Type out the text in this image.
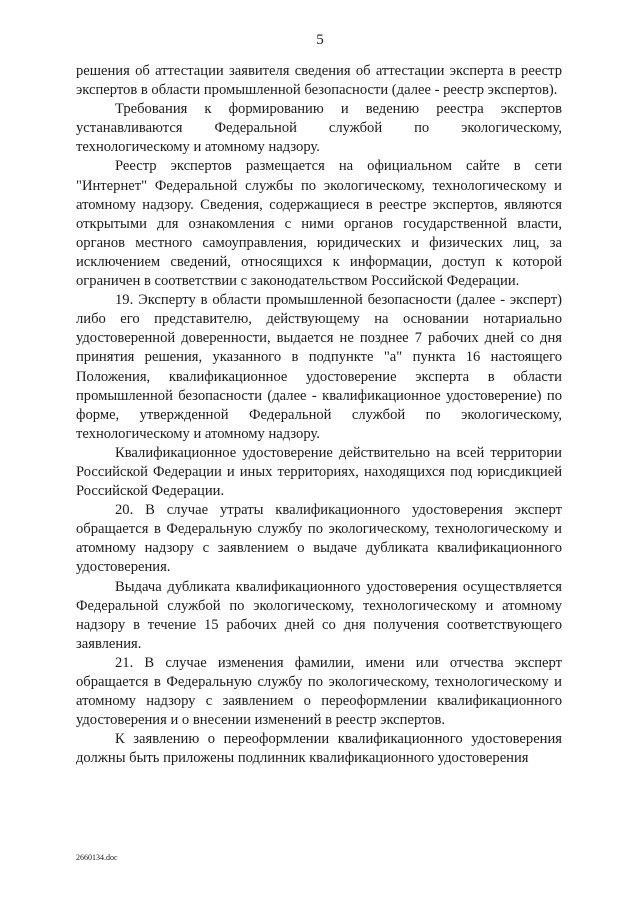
5

решения об аттестации заявителя сведения об аттестации эксперта в реестр экспертов в области промышленной безопасности (далее - реестр экспертов).

Требования к формированию и ведению реестра экспертов устанавливаются Федеральной службой по экологическому, технологическому и атомному надзору.

Реестр экспертов размещается на официальном сайте в сети "Интернет" Федеральной службы по экологическому, технологическому и атомному надзору. Сведения, содержащиеся в реестре экспертов, являются открытыми для ознакомления с ними органов государственной власти, органов местного самоуправления, юридических и физических лиц, за исключением сведений, относящихся к информации, доступ к которой ограничен в соответствии с законодательством Российской Федерации.

19. Эксперту в области промышленной безопасности (далее - эксперт) либо его представителю, действующему на основании нотариально удостоверенной доверенности, выдается не позднее 7 рабочих дней со дня принятия решения, указанного в подпункте "а" пункта 16 настоящего Положения, квалификационное удостоверение эксперта в области промышленной безопасности (далее - квалификационное удостоверение) по форме, утвержденной Федеральной службой по экологическому, технологическому и атомному надзору.

Квалификационное удостоверение действительно на всей территории Российской Федерации и иных территориях, находящихся под юрисдикцией Российской Федерации.

20. В случае утраты квалификационного удостоверения эксперт обращается в Федеральную службу по экологическому, технологическому и атомному надзору с заявлением о выдаче дубликата квалификационного удостоверения.

Выдача дубликата квалификационного удостоверения осуществляется Федеральной службой по экологическому, технологическому и атомному надзору в течение 15 рабочих дней со дня получения соответствующего заявления.

21. В случае изменения фамилии, имени или отчества эксперт обращается в Федеральную службу по экологическому, технологическому и атомному надзору с заявлением о переоформлении квалификационного удостоверения и о внесении изменений в реестр экспертов.

К заявлению о переоформлении квалификационного удостоверения должны быть приложены подлинник квалификационного удостоверения

2660134.doc
